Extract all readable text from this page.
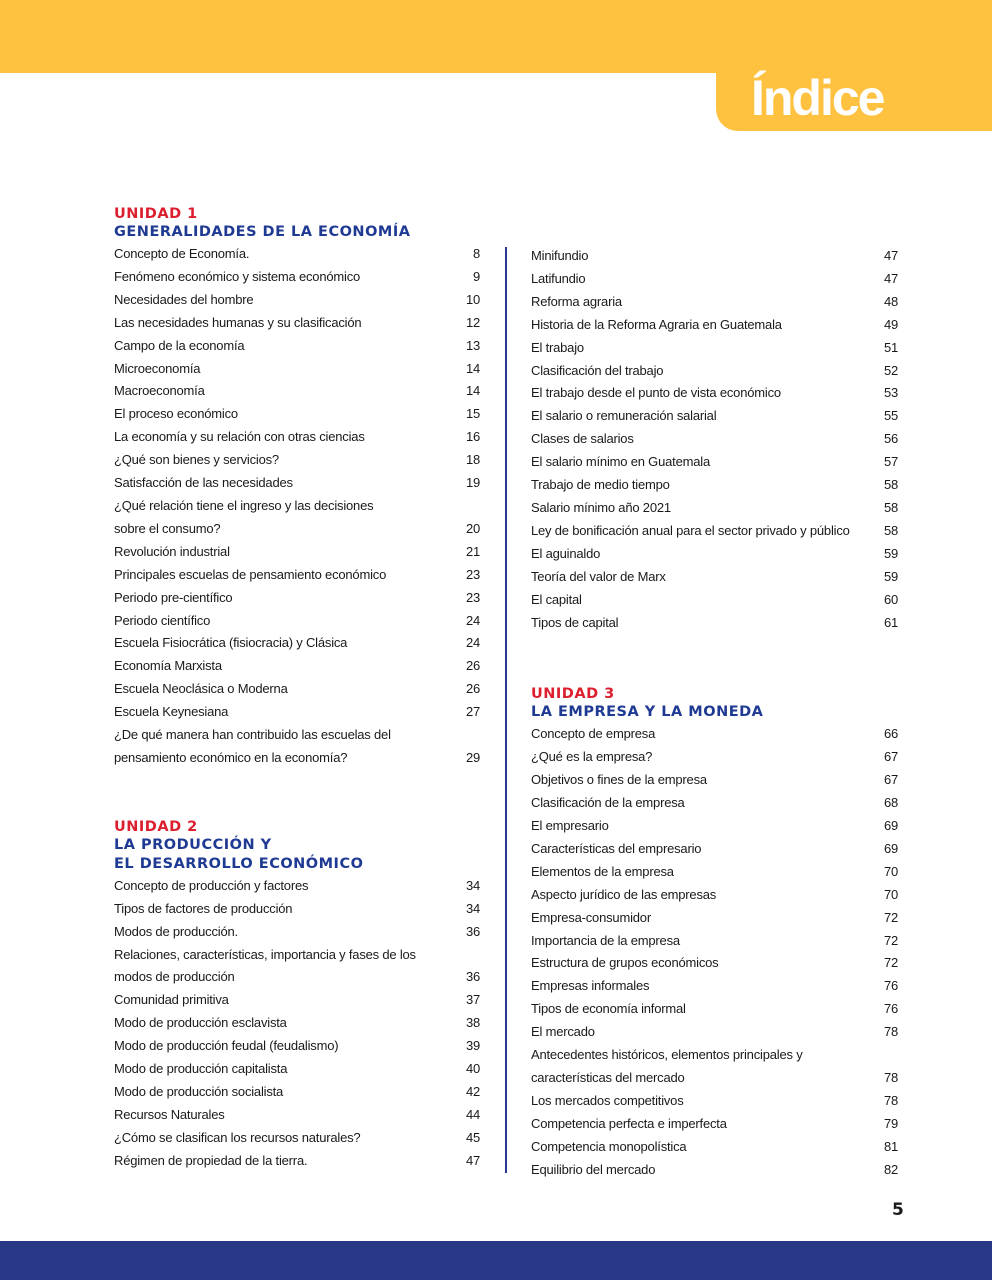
Índice
UNIDAD 1
GENERALIDADES DE LA ECONOMÍA
Concepto de Economía.	8
Fenómeno económico y sistema económico	9
Necesidades del hombre	10
Las necesidades humanas y su clasificación	12
Campo de la economía	13
Microeconomía	14
Macroeconomía	14
El proceso económico	15
La economía y su relación con otras ciencias	16
¿Qué son bienes y servicios?	18
Satisfacción de las necesidades	19
¿Qué relación tiene el ingreso y las decisiones
sobre el consumo?	20
Revolución industrial	21
Principales escuelas de pensamiento económico	23
Periodo pre-científico	23
Periodo científico	24
Escuela Fisiocrática (fisiocracia) y Clásica	24
Economía Marxista	26
Escuela Neoclásica o Moderna	26
Escuela Keynesiana	27
¿De qué manera han contribuido las escuelas del
pensamiento económico en la economía?	29
UNIDAD 2
LA PRODUCCIÓN Y
EL DESARROLLO ECONÓMICO
Concepto de producción y factores	34
Tipos de factores de producción	34
Modos de producción.	36
Relaciones, características, importancia y fases de los
modos de producción	36
Comunidad primitiva	37
Modo de producción esclavista	38
Modo de producción feudal (feudalismo)	39
Modo de producción capitalista	40
Modo de producción socialista	42
Recursos Naturales	44
¿Cómo se clasifican los recursos naturales?	45
Régimen de propiedad de la tierra.	47
Minifundio	47
Latifundio	47
Reforma agraria	48
Historia de la Reforma Agraria en Guatemala	49
El trabajo	51
Clasificación del trabajo	52
El trabajo desde el punto de vista económico	53
El salario o remuneración salarial	55
Clases de salarios	56
El salario mínimo en Guatemala	57
Trabajo de medio tiempo	58
Salario mínimo año 2021	58
Ley de bonificación anual para el sector privado y público	58
El aguinaldo	59
Teoría del valor de Marx	59
El capital	60
Tipos de capital	61
UNIDAD 3
LA EMPRESA Y LA MONEDA
Concepto de empresa	66
¿Qué es la empresa?	67
Objetivos o fines de la empresa	67
Clasificación de la empresa	68
El empresario	69
Características del empresario	69
Elementos de la empresa	70
Aspecto jurídico de las empresas	70
Empresa-consumidor	72
Importancia de la empresa	72
Estructura de grupos económicos	72
Empresas informales	76
Tipos de economía informal	76
El mercado	78
Antecedentes históricos, elementos principales y
características del mercado	78
Los mercados competitivos	78
Competencia perfecta e imperfecta	79
Competencia monopolística	81
Equilibrio del mercado	82
5
